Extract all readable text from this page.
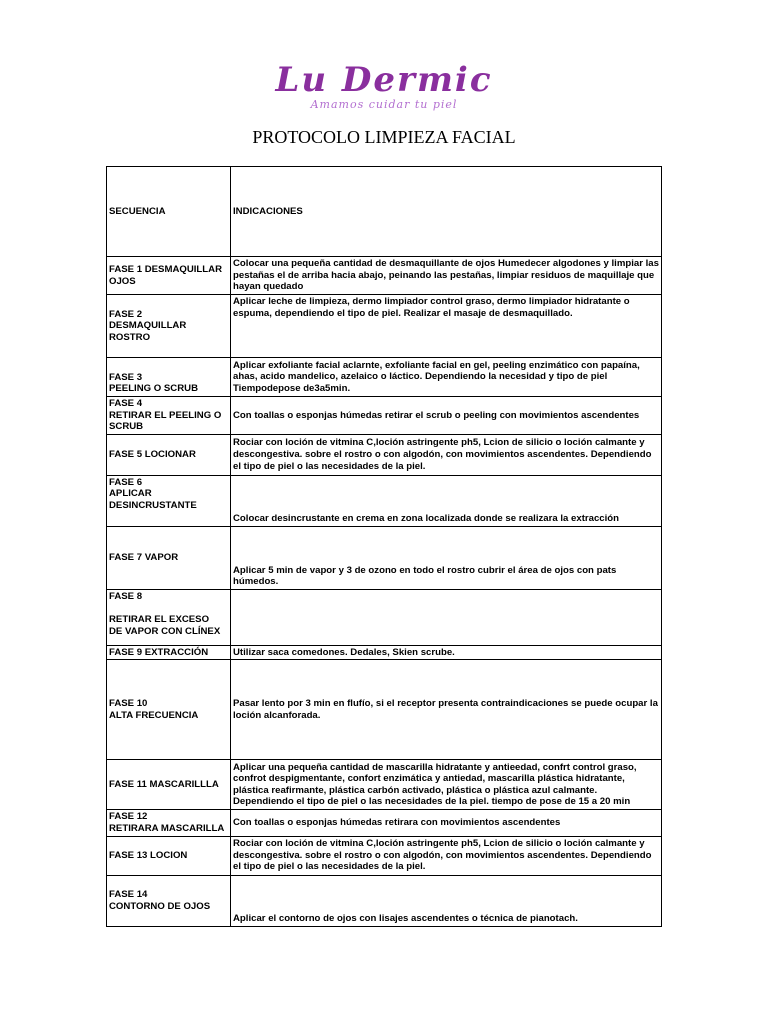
Lu Dermic
Amamos cuidar tu piel
PROTOCOLO LIMPIEZA FACIAL
SECUENCIA	INDICACIONES

FASE 1 DESMAQUILLAR
OJOS	Colocar una pequeña cantidad de desmaquillante de ojos Humedecer algodones y limpiar las pestañas el de arriba hacia abajo, peinando las pestañas, limpiar residuos de maquillaje que hayan quedado

FASE 2
DESMAQUILLAR
ROSTRO	Aplicar leche de limpieza, dermo limpiador control graso, dermo limpiador hidratante o espuma, dependiendo el tipo de piel. Realizar el masaje de desmaquillado.

FASE 3
PEELING O SCRUB	Aplicar exfoliante facial aclarnte, exfoliante facial en gel, peeling enzimático con papaína, ahas, acido mandelico, azelaico o láctico. Dependiendo la necesidad y tipo de piel Tiempodepose de3a5min.

FASE 4
RETIRAR EL PEELING O
SCRUB	Con toallas o esponjas húmedas retirar el scrub o peeling con movimientos ascendentes

FASE 5 LOCIONAR	Rociar con loción de vitmina C,loción astringente ph5, Lcion de silicio o loción calmante y descongestiva. sobre el rostro o con algodón, con movimientos ascendentes. Dependiendo el tipo de piel o las necesidades de la piel.

FASE 6
APLICAR
DESINCRUSTANTE	Colocar desincrustante en crema en zona localizada donde se realizara la extracción

FASE 7 VAPOR	Aplicar 5 min de vapor y 3 de ozono en todo el rostro cubrir el área de ojos con pats húmedos.

FASE 8

RETIRAR EL EXCESO
DE VAPOR CON CLÍNEX	

FASE 9 EXTRACCIÓN	Utilizar saca comedones. Dedales, Skien scrube.

FASE 10
ALTA FRECUENCIA	Pasar lento por 3 min en flufío, si el receptor presenta contraindicaciones se puede ocupar la loción alcanforada.

FASE 11 MASCARILLLA	Aplicar una pequeña cantidad de mascarilla hidratante y antieedad, confrt control graso, confrot despigmentante, confort enzimática y antiedad, mascarilla plástica hidratante, plástica reafirmante, plástica carbón activado, plástica o plástica azul calmante. Dependiendo el tipo de piel o las necesidades de la piel. tiempo de pose de 15 a 20 min

FASE 12
RETIRARA MASCARILLA	Con toallas o esponjas húmedas retirara con movimientos ascendentes

FASE 13 LOCION	Rociar con loción de vitmina C,loción astringente ph5, Lcion de silicio o loción calmante y descongestiva. sobre el rostro o con algodón, con movimientos ascendentes. Dependiendo el tipo de piel o las necesidades de la piel.

FASE 14
CONTORNO DE OJOS	Aplicar el contorno de ojos con lisajes ascendentes o técnica de pianotach.
